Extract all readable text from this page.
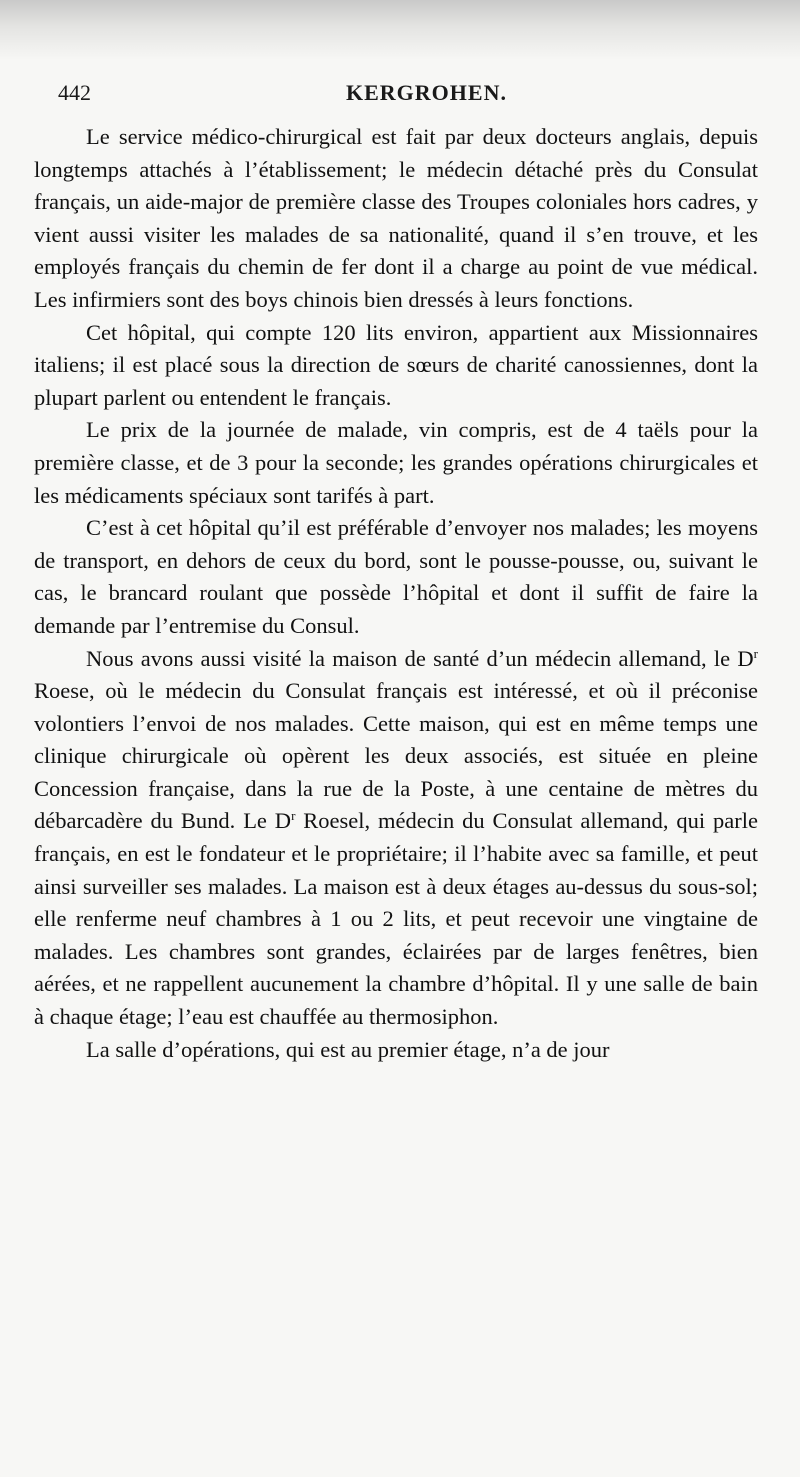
442	KERGROHEN.

Le service médico-chirurgical est fait par deux docteurs anglais, depuis longtemps attachés à l’établissement; le médecin détaché près du Consulat français, un aide-major de première classe des Troupes coloniales hors cadres, y vient aussi visiter les malades de sa nationalité, quand il s’en trouve, et les employés français du chemin de fer dont il a charge au point de vue médical. Les infirmiers sont des boys chinois bien dressés à leurs fonctions.

Cet hôpital, qui compte 120 lits environ, appartient aux Missionnaires italiens; il est placé sous la direction de sœurs de charité canossiennes, dont la plupart parlent ou entendent le français.

Le prix de la journée de malade, vin compris, est de 4 taëls pour la première classe, et de 3 pour la seconde; les grandes opérations chirurgicales et les médicaments spéciaux sont tarifés à part.

C’est à cet hôpital qu’il est préférable d’envoyer nos malades; les moyens de transport, en dehors de ceux du bord, sont le pousse-pousse, ou, suivant le cas, le brancard roulant que possède l’hôpital et dont il suffit de faire la demande par l’entremise du Consul.

Nous avons aussi visité la maison de santé d’un médecin allemand, le $D^r$ Roese, où le médecin du Consulat français est intéressé, et où il préconise volontiers l’envoi de nos malades. Cette maison, qui est en même temps une clinique chirurgicale où opèrent les deux associés, est située en pleine Concession française, dans la rue de la Poste, à une centaine de mètres du débarcadère du Bund. Le $D^r$ Roesel, médecin du Consulat allemand, qui parle français, en est le fondateur et le propriétaire; il l’habite avec sa famille, et peut ainsi surveiller ses malades. La maison est à deux étages au-dessus du sous-sol; elle renferme neuf chambres à 1 ou 2 lits, et peut recevoir une vingtaine de malades. Les chambres sont grandes, éclairées par de larges fenêtres, bien aérées, et ne rappellent aucunement la chambre d’hôpital. Il y une salle de bain à chaque étage; l’eau est chauffée au thermosiphon.

La salle d’opérations, qui est au premier étage, n’a de jour
